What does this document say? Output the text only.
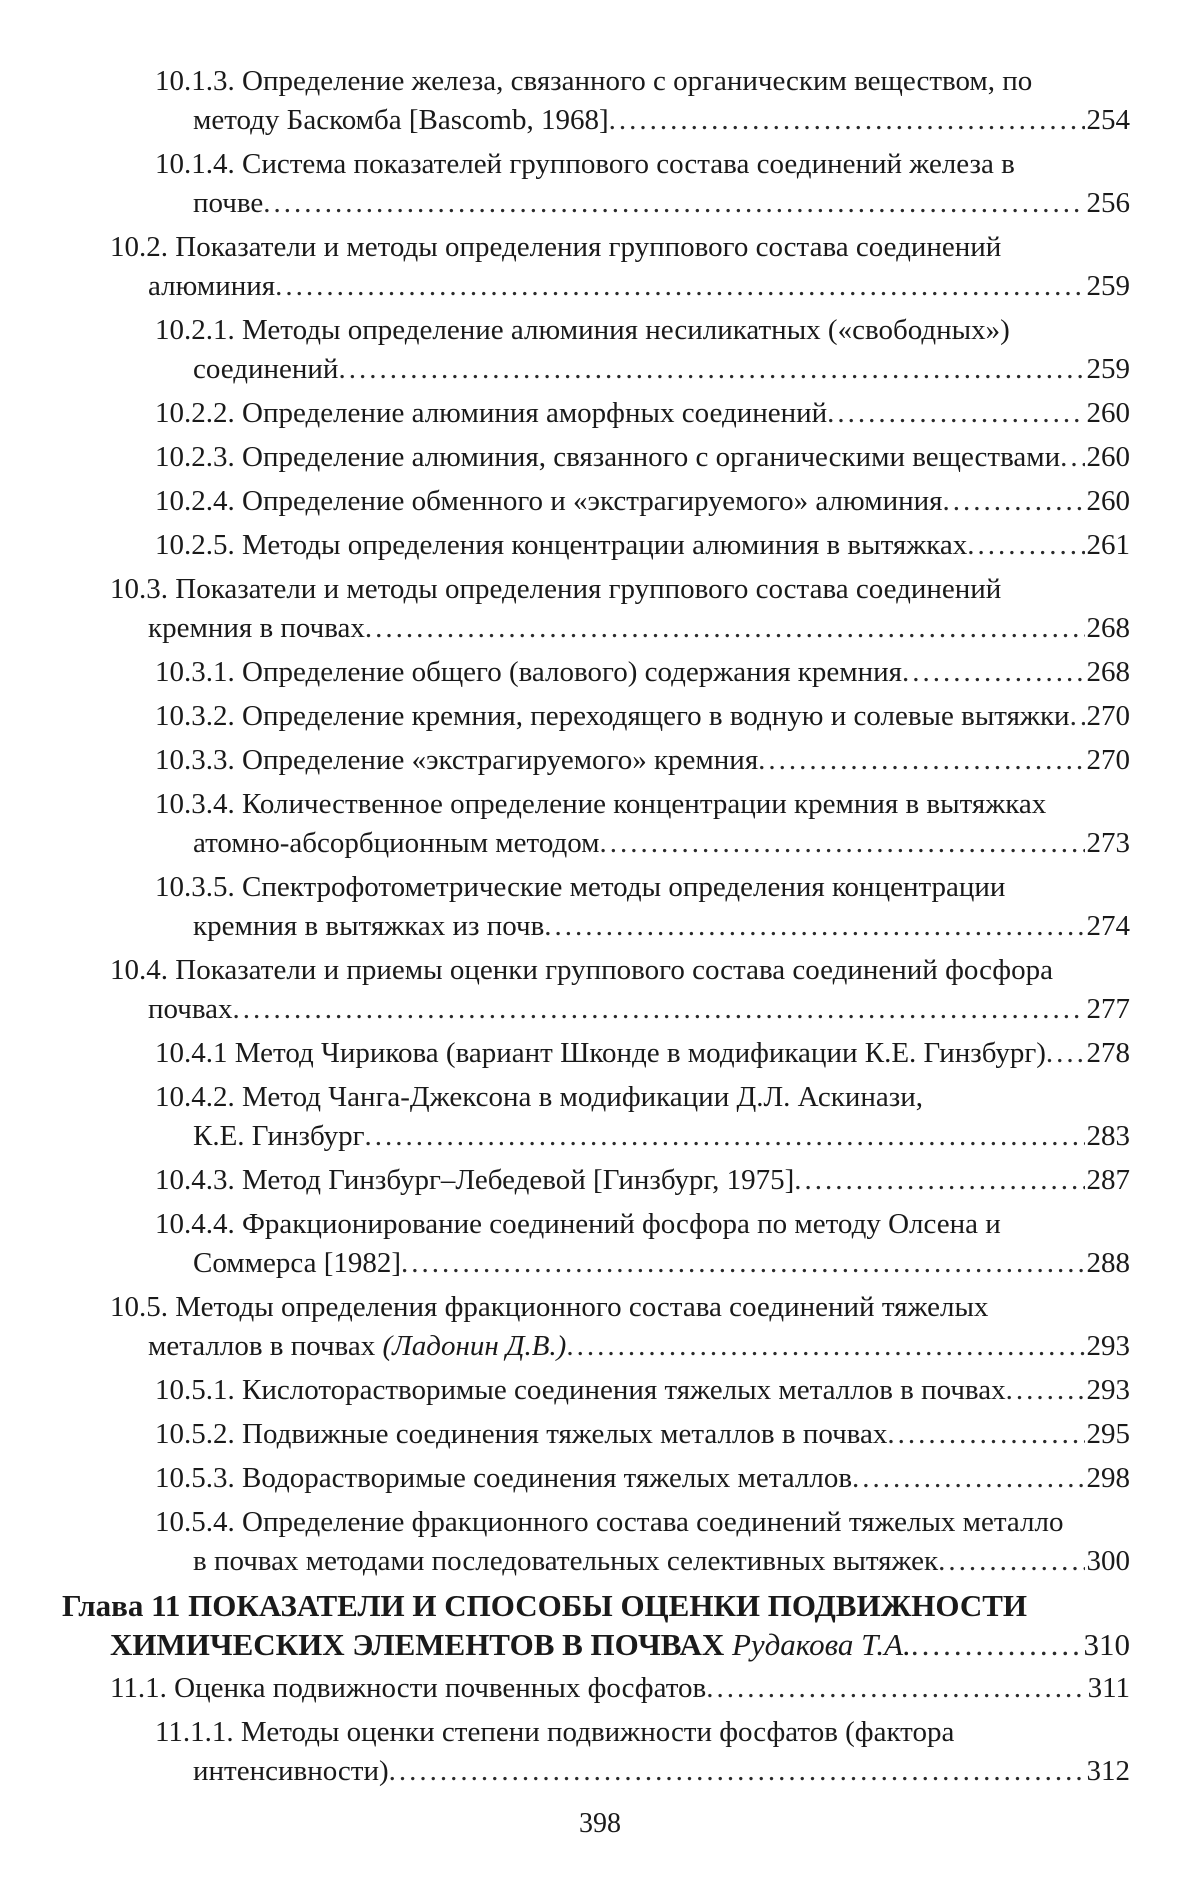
10.1.3. Определение железа, связанного с органическим веществом, по
методу Баскомба [Bascomb, 1968] .....	254
10.1.4. Система показателей группового состава соединений железа в
почве .....	256
10.2. Показатели и методы определения группового состава соединений
алюминия .....	259
10.2.1. Методы определение алюминия несиликатных («свободных»)
соединений .....	259
10.2.2. Определение алюминия аморфных соединений .....	260
10.2.3. Определение алюминия, связанного с органическими веществами ..... 260
10.2.4. Определение обменного и «экстрагируемого» алюминия .....	260
10.2.5. Методы определения концентрации алюминия в вытяжках .....	261
10.3. Показатели и методы определения группового состава соединений
кремния в почвах .....	268
10.3.1. Определение общего (валового) содержания кремния .....	268
10.3.2. Определение кремния, переходящего в водную и солевые вытяжки ..... 270
10.3.3. Определение «экстрагируемого» кремния .....	270
10.3.4. Количественное определение концентрации кремния в вытяжках
атомно-абсорбционным методом .....	273
10.3.5. Спектрофотометрические методы определения концентрации
кремния в вытяжках из почв .....	274
10.4. Показатели и приемы оценки группового состава соединений фосфора
почвах .....	277
10.4.1 Метод Чирикова (вариант Шконде в модификации К.Е. Гинзбург) ..... 278
10.4.2. Метод Чанга-Джексона в модификации Д.Л. Аскинази,
К.Е. Гинзбург .....	283
10.4.3. Метод Гинзбург–Лебедевой [Гинзбург, 1975] .....	287
10.4.4. Фракционирование соединений фосфора по методу Олсена и
Соммерса [1982] .....	288
10.5. Методы определения фракционного состава соединений тяжелых
металлов в почвах
(Ладонин Д.В.) .....	293
10.5.1. Кислоторастворимые соединения тяжелых металлов в почвах .....	293
10.5.2. Подвижные соединения тяжелых металлов в почвах .....	295
10.5.3. Водорастворимые соединения тяжелых металлов .....	298
10.5.4. Определение фракционного состава соединений тяжелых металло
в почвах методами последовательных селективных вытяжек .....	300
Глава 11 ПОКАЗАТЕЛИ И СПОСОБЫ ОЦЕНКИ ПОДВИЖНОСТИ
ХИМИЧЕСКИХ ЭЛЕМЕНТОВ В ПОЧВАХ
Рудакова Т.А. .....	310
11.1. Оценка подвижности почвенных фосфатов .....	311
11.1.1. Методы оценки степени подвижности фосфатов (фактора
интенсивности) .....	312
398
